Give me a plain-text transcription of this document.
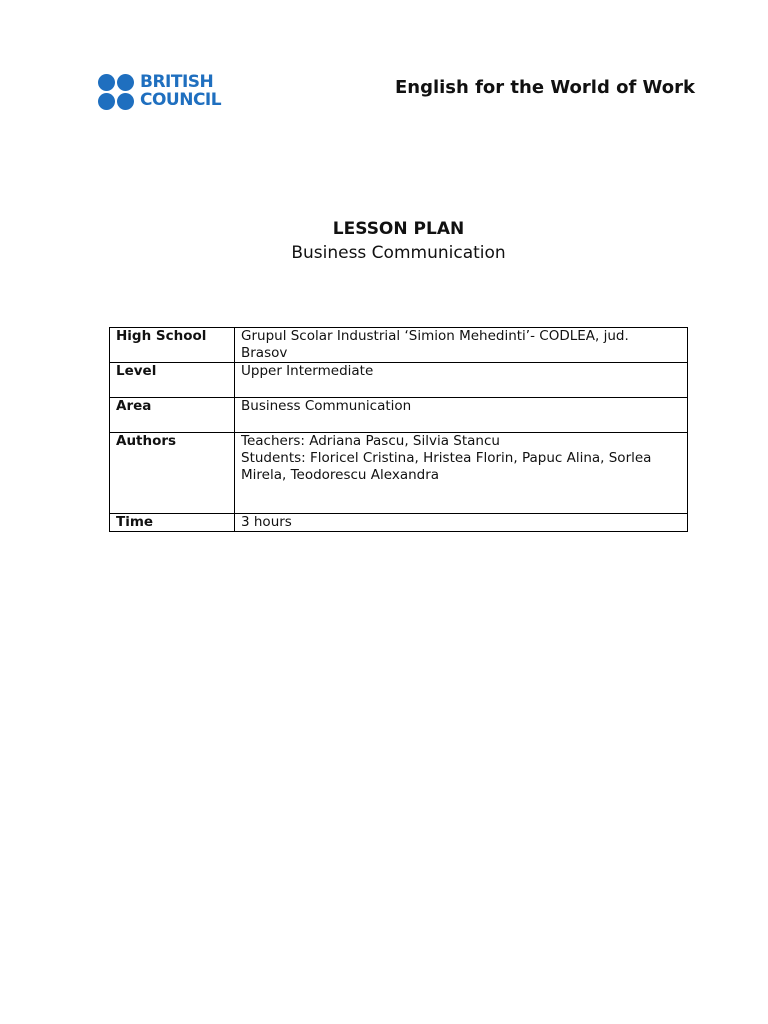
BRITISH
COUNCIL
English for the World of Work
LESSON PLAN
Business Communication
High School	Grupul Scolar Industrial ‘Simion Mehedinti’- CODLEA, jud.
Brasov

Level	Upper Intermediate

Area	Business Communication

Authors	Teachers: Adriana Pascu, Silvia Stancu
Students: Floricel Cristina, Hristea Florin, Papuc Alina, Sorlea
Mirela, Teodorescu Alexandra

Time	3 hours
